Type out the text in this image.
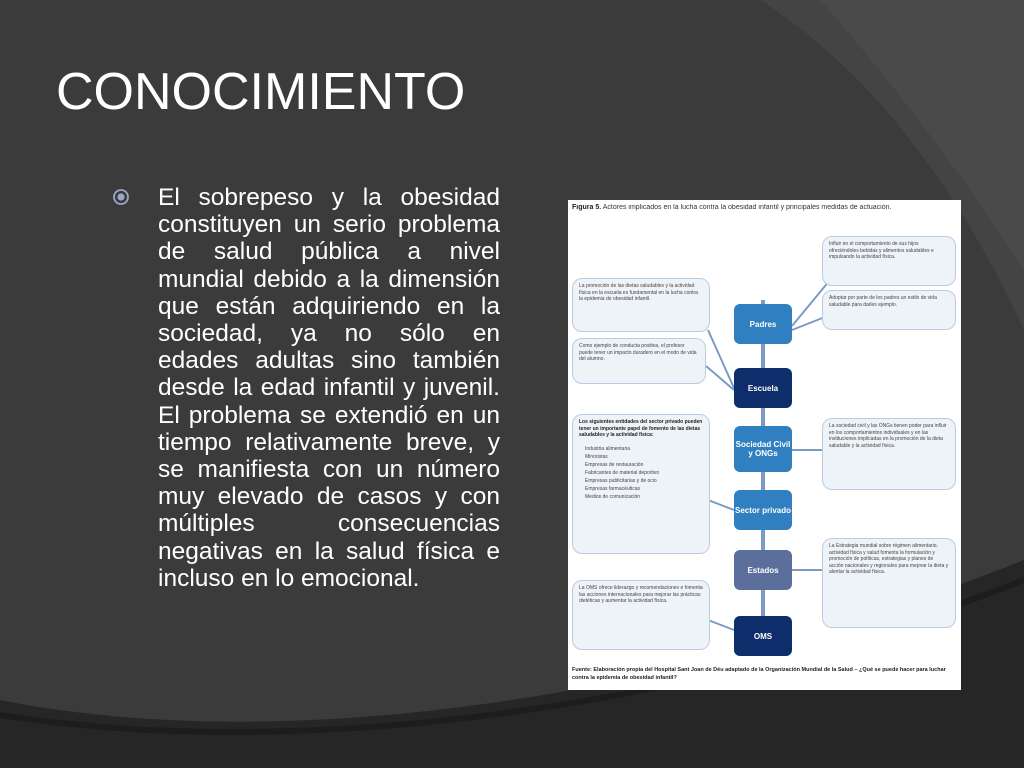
CONOCIMIENTO

El sobrepeso y la obesidad constituyen un serio problema de salud pública a nivel mundial debido a la dimensión que están adquiriendo en la sociedad, ya no sólo en edades adultas sino también desde la edad infantil y juvenil. El problema se extendió en un tiempo relativamente breve, y se manifiesta con un número muy elevado de casos y con múltiples consecuencias negativas en la salud física e incluso en lo emocional.

Figura 5. Actores implicados en la lucha contra la obesidad infantil y principales medidas de actuación.
La promoción de las dietas saludables y la actividad física en la escuela es fundamental en la lucha contra la epidemia de obesidad infantil.
Como ejemplo de conducta positiva, el profesor puede tener un impacto duradero en el modo de vida del alumno.
Los siguientes entidades del sector privado pueden tener un importante papel de fomento de las dietas saludables y la actividad física:
Industria alimentaria
Minoristas
Empresas de restauración
Fabricantes de material deportivo
Empresas publicitarias y de ocio
Empresas farmacéuticas
Medios de comunicación
La OMS ofrece liderazgo y recomendaciones e fomenta las acciones internacionales para mejorar las prácticas dietéticas y aumentar la actividad física.
Influir en el comportamiento de sus hijos ofreciéndoles bebidas y alimentos saludables e impulsando la actividad física.
Adoptar por parte de los padres un estilo de vida saludable para darles ejemplo.
La sociedad civil y las ONGs tienen poder para influir en los comportamientos individuales y en las instituciones implicadas en la promoción de la dieta saludable y la actividad física.
La Estrategia mundial sobre régimen alimentario, actividad física y salud fomenta la formulación y promoción de políticas, estrategias y planes de acción nacionales y regionales para mejorar la dieta y alentar la actividad física.
Padres
Escuela
Sociedad Civil y ONGs
Sector privado
Estados
OMS
Fuente: Elaboración propia del Hospital Sant Joan de Déu adaptado de la Organización Mundial de la Salud – ¿Qué se puede hacer para luchar contra la epidemia de obesidad infantil?
